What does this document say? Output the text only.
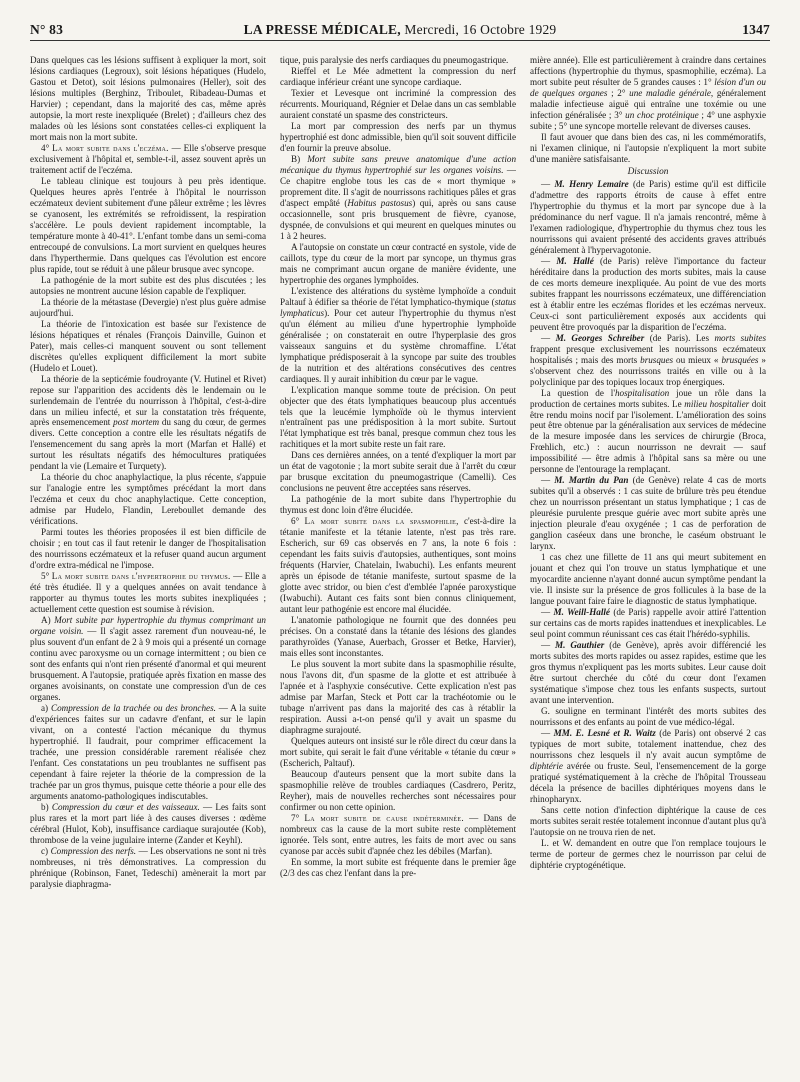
N° 83	LA PRESSE MÉDICALE, Mercredi, 16 Octobre 1929	1347

Dans quelques cas les lésions suffisent à expliquer la mort, soit lésions cardiaques (Legroux), soit lésions hépatiques (Hudelo, Gastou et Detot), soit lésions pulmonaires (Heller), soit des lésions multiples (Berghinz, Triboulet, Ribadeau-Dumas et Harvier) ; cependant, dans la majorité des cas, même après autopsie, la mort reste inexpliquée (Brelet) ; d'ailleurs chez des malades où les lésions sont constatées celles-ci expliquent la mort mais non la mort subite.

4° La mort subite dans l'eczéma. — Elle s'observe presque exclusivement à l'hôpital et, semble-t-il, assez souvent après un traitement actif de l'eczéma.

Le tableau clinique est toujours à peu près identique. Quelques heures après l'entrée à l'hôpital le nourrisson eczémateux devient subitement d'une pâleur extrême ; les lèvres se cyanosent, les extrémités se refroidissent, la respiration s'accélère. Le pouls devient rapidement incomptable, la température monte à 40-41°. L'enfant tombe dans un semi-coma entrecoupé de convulsions. La mort survient en quelques heures dans l'hyperthermie. Dans quelques cas l'évolution est encore plus rapide, tout se réduit à une pâleur brusque avec syncope.

La pathogénie de la mort subite est des plus discutées ; les autopsies ne montrent aucune lésion capable de l'expliquer.

La théorie de la métastase (Devergie) n'est plus guère admise aujourd'hui.

La théorie de l'intoxication est basée sur l'existence de lésions hépatiques et rénales (François Dainville, Guinon et Pater), mais celles-ci manquent souvent ou sont tellement discrètes qu'elles expliquent difficilement la mort subite (Hudelo et Louet).

La théorie de la septicémie foudroyante (V. Hutinel et Rivet) repose sur l'apparition des accidents dès le lendemain ou le surlendemain de l'entrée du nourrisson à l'hôpital, c'est-à-dire dans un milieu infecté, et sur la constatation très fréquente, après ensemencement post mortem du sang du cœur, de germes divers. Cette conception a contre elle les résultats négatifs de l'ensemencement du sang après la mort (Marfan et Hallé) et surtout les résultats négatifs des hémocultures pratiquées pendant la vie (Lemaire et Turquety).

La théorie du choc anaphylactique, la plus récente, s'appuie sur l'analogie entre les symptômes précédant la mort dans l'eczéma et ceux du choc anaphylactique. Cette conception, admise par Hudelo, Flandin, Lereboullet demande des vérifications.

Parmi toutes les théories proposées il est bien difficile de choisir ; en tout cas il faut retenir le danger de l'hospitalisation des nourrissons eczémateux et la refuser quand aucun argument d'ordre extra-médical ne l'impose.

5° La mort subite dans l'hypertrophie du thymus. — Elle a été très étudiée. Il y a quelques années on avait tendance à rapporter au thymus toutes les morts subites inexpliquées ; actuellement cette question est soumise à révision.

A) Mort subite par hypertrophie du thymus comprimant un organe voisin. — Il s'agit assez rarement d'un nouveau-né, le plus souvent d'un enfant de 2 à 9 mois qui a présenté un cornage continu avec paroxysme ou un cornage intermittent ; ou bien ce sont des enfants qui n'ont rien présenté d'anormal et qui meurent brusquement. A l'autopsie, pratiquée après fixation en masse des organes avoisinants, on constate une compression d'un de ces organes.

a) Compression de la trachée ou des bronches. — A la suite d'expériences faites sur un cadavre d'enfant, et sur le lapin vivant, on a contesté l'action mécanique du thymus hypertrophié. Il faudrait, pour comprimer efficacement la trachée, une pression considérable rarement réalisée chez l'enfant. Ces constatations un peu troublantes ne suffisent pas cependant à faire rejeter la théorie de la compression de la trachée par un gros thymus, puisque cette théorie a pour elle des arguments anatomo-pathologiques indiscutables.

b) Compression du cœur et des vaisseaux. — Les faits sont plus rares et la mort part liée à des causes diverses : œdème cérébral (Hulot, Kob), insuffisance cardiaque surajoutée (Kob), thrombose de la veine jugulaire interne (Zander et Keyhl).

c) Compression des nerfs. — Les observations ne sont ni très nombreuses, ni très démonstratives. La compression du phrénique (Robinson, Fanet, Tedeschi) amènerait la mort par paralysie diaphragma-

tique, puis paralysie des nerfs cardiaques du pneumogastrique.

Rieffel et Le Mée admettent la compression du nerf cardiaque inférieur créant une syncope cardiaque.

Texier et Levesque ont incriminé la compression des récurrents. Mouriquand, Régnier et Delae dans un cas semblable auraient constaté un spasme des constricteurs.

La mort par compression des nerfs par un thymus hypertrophié est donc admissible, bien qu'il soit souvent difficile d'en fournir la preuve absolue.

B) Mort subite sans preuve anatomique d'une action mécanique du thymus hypertrophié sur les organes voisins. — Ce chapitre englobe tous les cas de « mort thymique » proprement dite. Il s'agit de nourrissons rachitiques pâles et gras d'aspect empâté (Habitus pastosus) qui, après ou sans cause occasionnelle, sont pris brusquement de fièvre, cyanose, dyspnée, de convulsions et qui meurent en quelques minutes ou 1 à 2 heures.

A l'autopsie on constate un cœur contracté en systole, vide de caillots, type du cœur de la mort par syncope, un thymus gras mais ne comprimant aucun organe de manière évidente, une hypertrophie des organes lymphoïdes.

L'existence des altérations du système lymphoïde a conduit Paltauf à édifier sa théorie de l'état lymphatico-thymique (status lymphaticus). Pour cet auteur l'hypertrophie du thymus n'est qu'un élément au milieu d'une hypertrophie lymphoïde généralisée ; on constaterait en outre l'hyperplasie des gros vaisseaux sanguins et du système chromaffine. L'état lymphatique prédisposerait à la syncope par suite des troubles de la nutrition et des altérations consécutives des centres cardiaques. Il y aurait inhibition du cœur par le vague.

L'explication manque somme toute de précision. On peut objecter que des états lymphatiques beaucoup plus accentués tels que la leucémie lymphoïde où le thymus intervient n'entraînent pas une prédisposition à la mort subite. Surtout l'état lymphatique est très banal, presque commun chez tous les rachitiques et la mort subite reste un fait rare.

Dans ces dernières années, on a tenté d'expliquer la mort par un état de vagotonie ; la mort subite serait due à l'arrêt du cœur par brusque excitation du pneumogastrique (Camelli). Ces conclusions ne peuvent être acceptées sans réserves.

La pathogénie de la mort subite dans l'hypertrophie du thymus est donc loin d'être élucidée.

6° La mort subite dans la spasmophilie, c'est-à-dire la tétanie manifeste et la tétanie latente, n'est pas très rare. Escherich, sur 69 cas observés en 7 ans, la note 6 fois : cependant les faits suivis d'autopsies, authentiques, sont moins fréquents (Harvier, Chatelain, Iwabuchi). Les enfants meurent après un épisode de tétanie manifeste, surtout spasme de la glotte avec stridor, ou bien c'est d'emblée l'apnée paroxystique (Iwabuchi). Autant ces faits sont bien connus cliniquement, autant leur pathogénie est encore mal élucidée.

L'anatomie pathologique ne fournit que des données peu précises. On a constaté dans la tétanie des lésions des glandes parathyroïdes (Yanase, Auerbach, Grosser et Betke, Harvier), mais elles sont inconstantes.

Le plus souvent la mort subite dans la spasmophilie résulte, nous l'avons dit, d'un spasme de la glotte et est attribuée à l'apnée et à l'asphyxie consécutive. Cette explication n'est pas admise par Marfan, Steck et Pott car la trachéotomie ou le tubage n'arrivent pas dans la majorité des cas à rétablir la respiration. Aussi a-t-on pensé qu'il y avait un spasme du diaphragme surajouté.

Quelques auteurs ont insisté sur le rôle direct du cœur dans la mort subite, qui serait le fait d'une véritable « tétanie du cœur » (Escherich, Paltauf).

Beaucoup d'auteurs pensent que la mort subite dans la spasmophilie relève de troubles cardiaques (Casdrero, Peritz, Reyher), mais de nouvelles recherches sont nécessaires pour confirmer ou non cette opinion.

7° La mort subite de cause indéterminée. — Dans de nombreux cas la cause de la mort subite reste complètement ignorée. Tels sont, entre autres, les faits de mort avec ou sans cyanose par accès subit d'apnée chez les débiles (Marfan).

En somme, la mort subite est fréquente dans le premier âge (2/3 des cas chez l'enfant dans la pre-

mière année). Elle est particulièrement à craindre dans certaines affections (hypertrophie du thymus, spasmophilie, eczéma). La mort subite peut résulter de 5 grandes causes : 1° lésion d'un ou de quelques organes ; 2° une maladie générale, généralement maladie infectieuse aiguë qui entraîne une toxémie ou une infection généralisée ; 3° un choc protéinique ; 4° une asphyxie subite ; 5° une syncope mortelle relevant de diverses causes.

Il faut avouer que dans bien des cas, ni les commémoratifs, ni l'examen clinique, ni l'autopsie n'expliquent la mort subite d'une manière satisfaisante.

Discussion

— M. Henry Lemaire (de Paris) estime qu'il est difficile d'admettre des rapports étroits de cause à effet entre l'hypertrophie du thymus et la mort par syncope due à la prédominance du nerf vague. Il n'a jamais rencontré, même à l'examen radiologique, d'hypertrophie du thymus chez tous les nourrissons qui avaient présenté des accidents graves attribués généralement à l'hypervagotonie.

— M. Hallé (de Paris) relève l'importance du facteur héréditaire dans la production des morts subites, mais la cause de ces morts demeure inexpliquée. Au point de vue des morts subites frappant les nourrissons eczémateux, une différenciation est à établir entre les eczémas florides et les eczémas nerveux. Ceux-ci sont particulièrement exposés aux accidents qui peuvent être provoqués par la disparition de l'eczéma.

— M. Georges Schreiber (de Paris). Les morts subites frappent presque exclusivement les nourrissons eczémateux hospitalisés ; mais des morts brusques ou mieux « brusquées » s'observent chez des nourrissons traités en ville ou à la polyclinique par des topiques locaux trop énergiques.

La question de l'hospitalisation joue un rôle dans la production de certaines morts subites. Le milieu hospitalier doit être rendu moins nocif par l'isolement. L'amélioration des soins peut être obtenue par la généralisation aux services de médecine de la mesure imposée dans les services de chirurgie (Broca, Frœhlich, etc.) : aucun nourrisson ne devrait — sauf impossibilité — être admis à l'hôpital sans sa mère ou une personne de l'entourage la remplaçant.

— M. Martin du Pan (de Genève) relate 4 cas de morts subites qu'il a observés : 1 cas suite de brûlure très peu étendue chez un nourrisson présentant un status lymphatique ; 1 cas de pleurésie purulente presque guérie avec mort subite après une injection pleurale d'eau oxygénée ; 1 cas de perforation de ganglion caséeux dans une bronche, le caséum obstruant le larynx.

1 cas chez une fillette de 11 ans qui meurt subitement en jouant et chez qui l'on trouve un status lymphatique et une myocardite ancienne n'ayant donné aucun symptôme pendant la vie. Il insiste sur la présence de gros follicules à la base de la langue pouvant faire faire le diagnostic de status lymphatique.

— M. Weill-Hallé (de Paris) rappelle avoir attiré l'attention sur certains cas de morts rapides inattendues et inexplicables. Le seul point commun réunissant ces cas était l'hérédo-syphilis.

— M. Gauthier (de Genève), après avoir différencié les morts subites des morts rapides ou assez rapides, estime que les gros thymus n'expliquent pas les morts subites. Leur cause doit être surtout cherchée du côté du cœur dont l'examen systématique s'impose chez tous les enfants suspects, surtout avant une intervention.

G. souligne en terminant l'intérêt des morts subites des nourrissons et des enfants au point de vue médico-légal.

— MM. E. Lesné et R. Waitz (de Paris) ont observé 2 cas typiques de mort subite, totalement inattendue, chez des nourrissons chez lesquels il n'y avait aucun symptôme de diphtérie avérée ou fruste. Seul, l'ensemencement de la gorge pratiqué systématiquement à la crèche de l'hôpital Trousseau décela la présence de bacilles diphtériques moyens dans le rhinopharynx.

Sans cette notion d'infection diphtérique la cause de ces morts subites serait restée totalement inconnue d'autant plus qu'à l'autopsie on ne trouva rien de net.

L. et W. demandent en outre que l'on remplace toujours le terme de porteur de germes chez le nourrisson par celui de diphtérie cryptogénétique.
